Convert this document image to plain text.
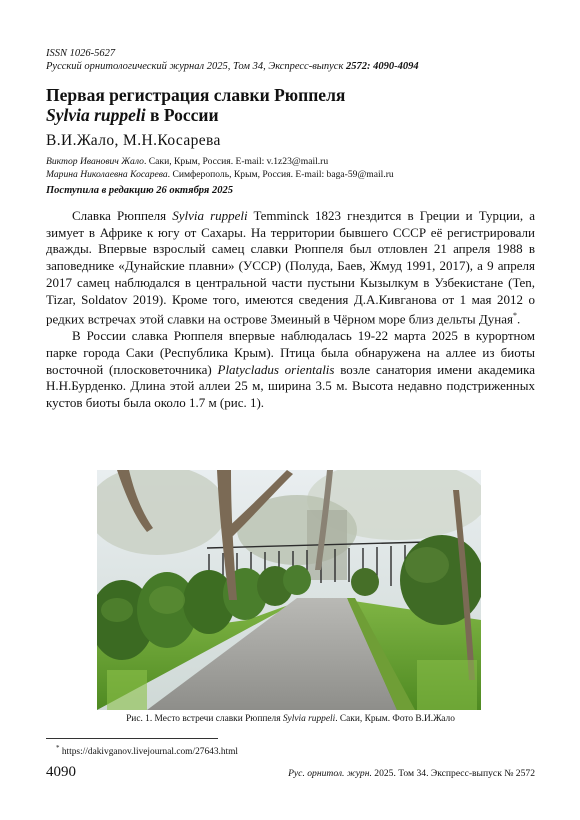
ISSN 1026-5627
Русский орнитологический журнал 2025, Том 34, Экспресс-выпуск 2572: 4090-4094
Первая регистрация славки Рюппеля
Sylvia ruppeli в России
В.И.Жало, М.Н.Косарева
Виктор Иванович Жало. Саки, Крым, Россия. E-mail: v.1z23@mail.ru
Марина Николаевна Косарева. Симферополь, Крым, Россия. E-mail: baga-59@mail.ru
Поступила в редакцию 26 октября 2025

Славка Рюппеля Sylvia ruppeli Temminck 1823 гнездится в Греции и Турции, а зимует в Африке к югу от Сахары. На территории бывшего СССР её регистрировали дважды. Впервые взрослый самец славки Рюппеля был отловлен 21 апреля 1988 в заповеднике «Дунайские плавни» (УССР) (Полуда, Баев, Жмуд 1991, 2017), а 9 апреля 2017 самец наблюдался в центральной части пустыни Кызылкум в Узбекистане (Ten, Tizar, Soldatov 2019). Кроме того, имеются сведения Д.А.Кивганова от 1 мая 2012 о редких встречах этой славки на острове Змеиный в Чёрном море близ дельты Дуная*.

В России славка Рюппеля впервые наблюдалась 19-22 марта 2025 в курортном парке города Саки (Республика Крым). Птица была обнаружена на аллее из биоты восточной (плосковеточника) Platycladus orientalis возле санатория имени академика Н.Н.Бурденко. Длина этой аллеи 25 м, ширина 3.5 м. Высота недавно подстриженных кустов биоты была около 1.7 м (рис. 1).

Рис. 1. Место встречи славки Рюппеля Sylvia ruppeli. Саки, Крым. Фото В.И.Жало
* https://dakivganov.livejournal.com/27643.html
4090	Рус. орнитол. журн. 2025. Том 34. Экспресс-выпуск № 2572
